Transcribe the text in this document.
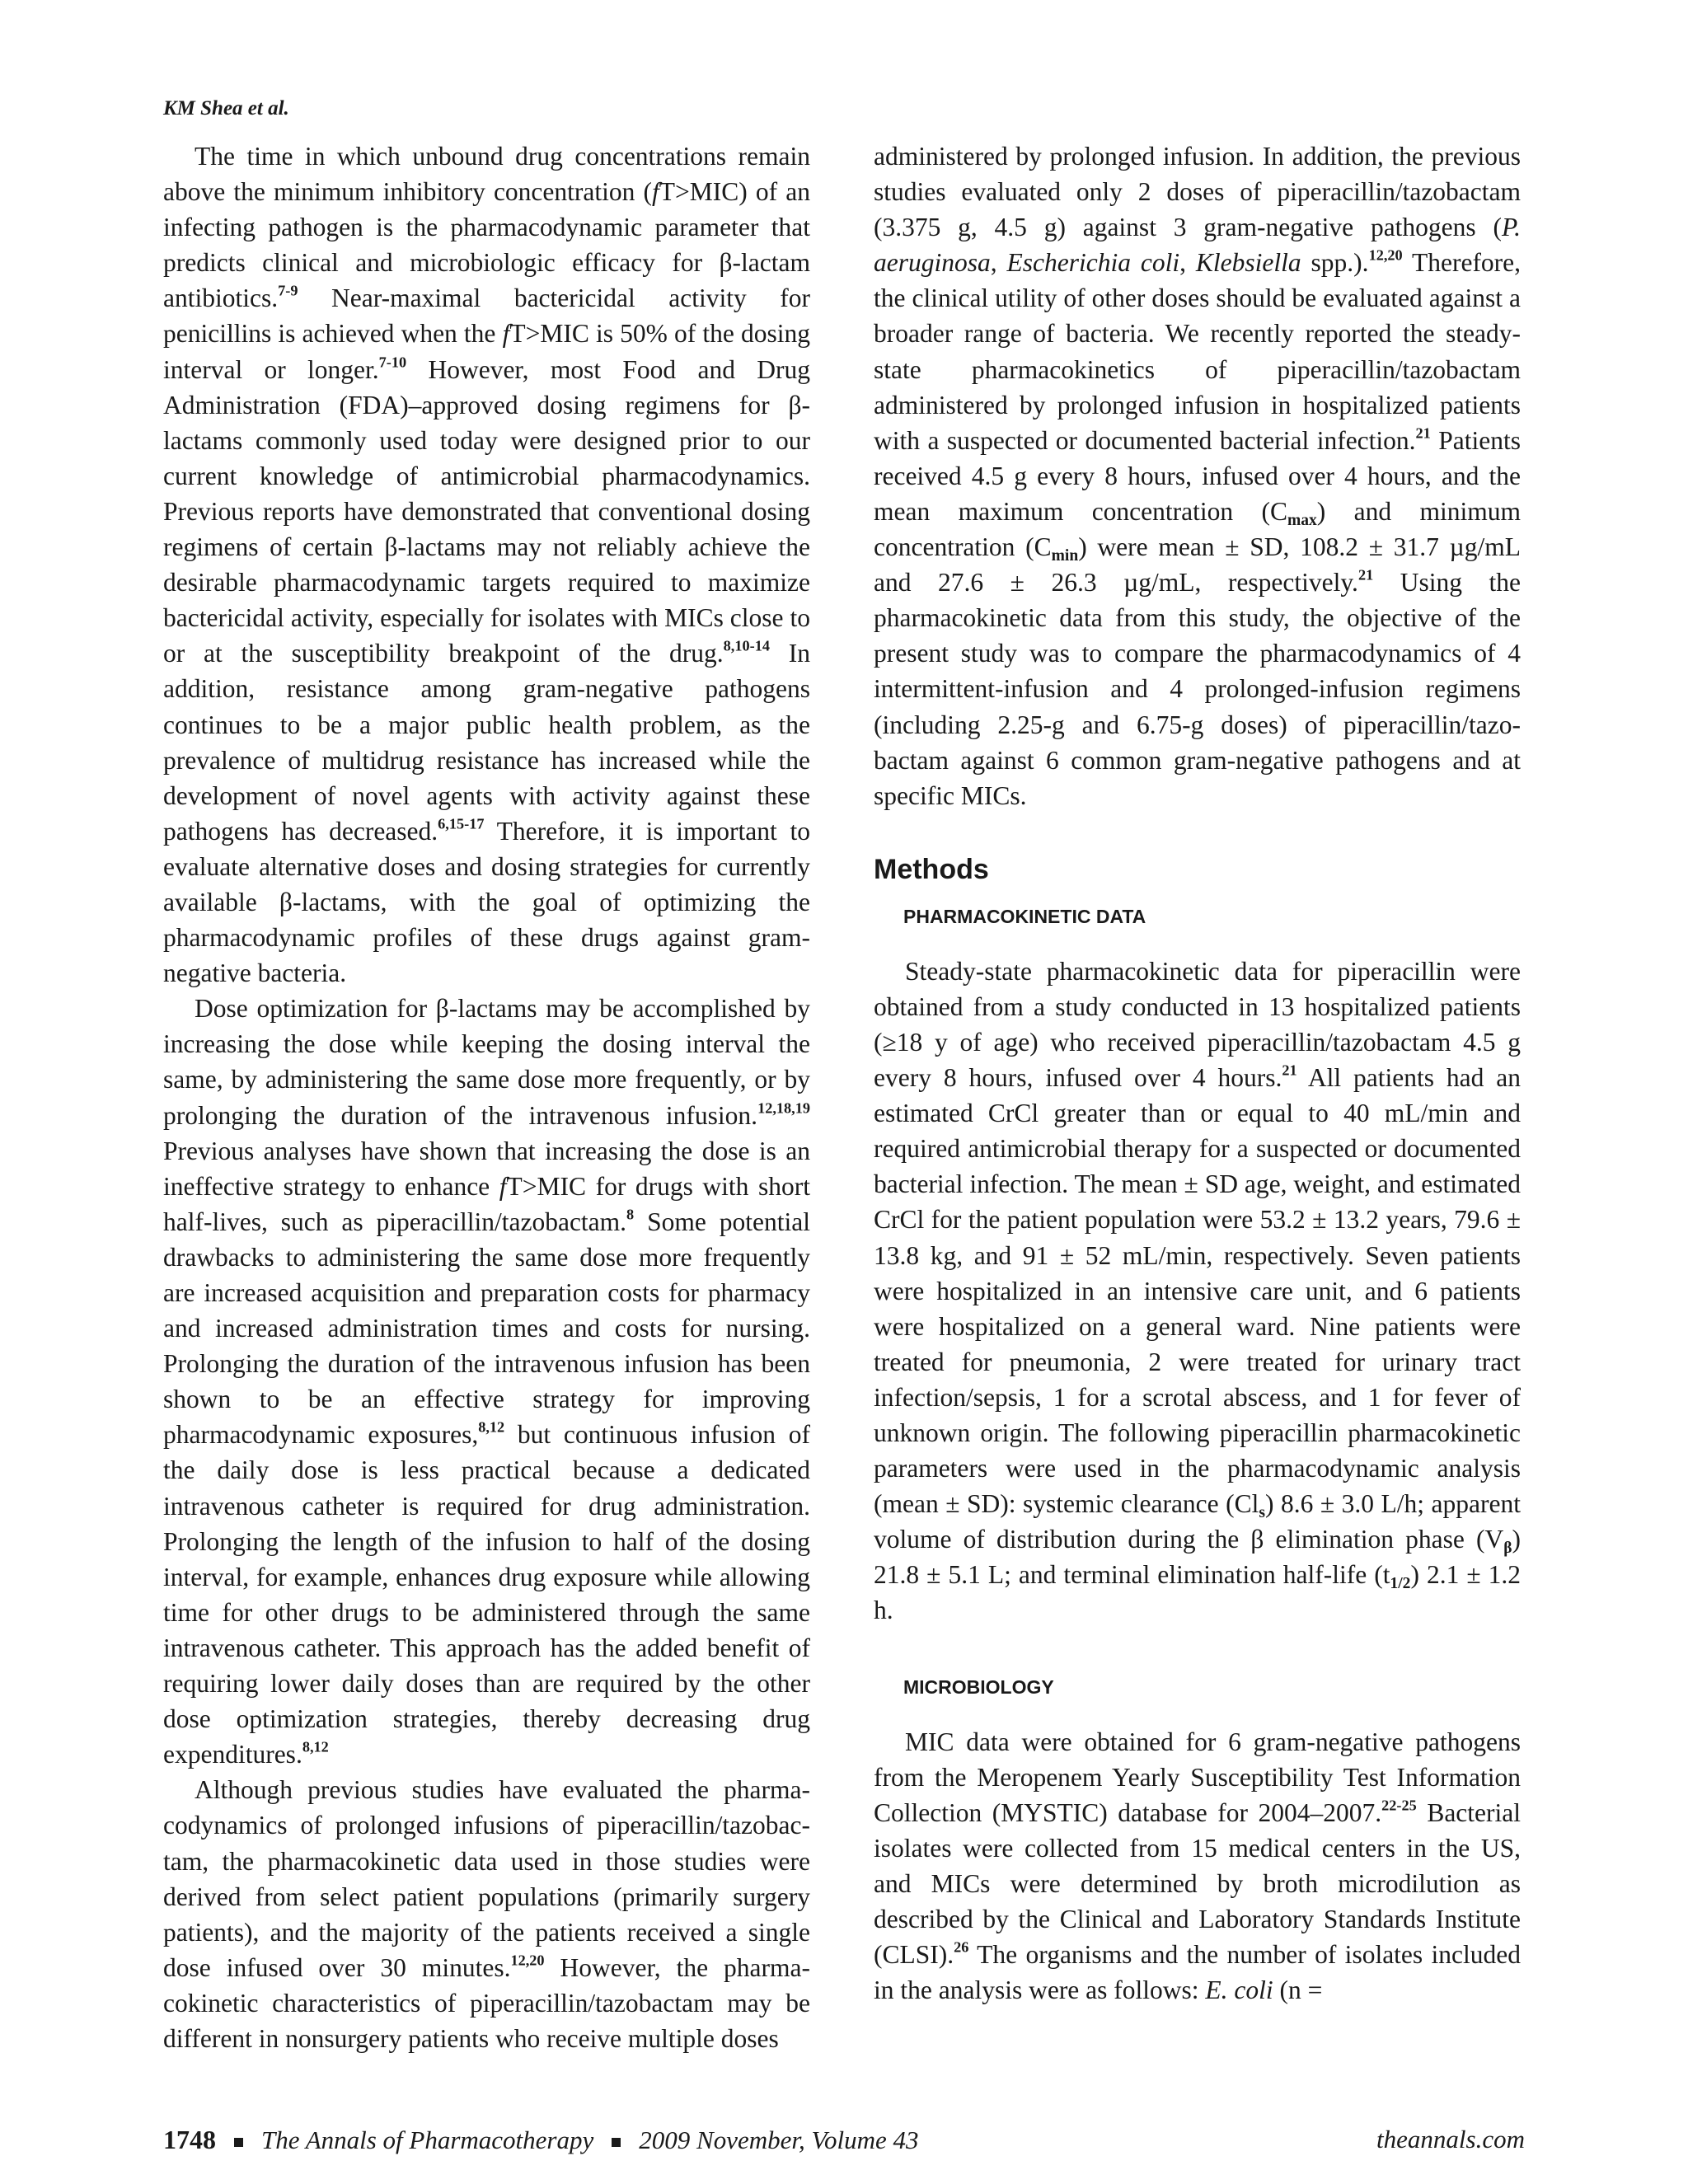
KM Shea et al.

The time in which unbound drug concentrations remain above the minimum inhibitory concentration (fT>MIC) of an infecting pathogen is the pharmacodynamic parameter that predicts clinical and microbiologic efficacy for β-lactam antibiotics.$^{7-9}$ Near-maximal bactericidal activity for penicillins is achieved when the fT>MIC is 50% of the dosing interval or longer.$^{7-10}$ However, most Food and Drug Administration (FDA)–approved dosing regimens for β-lactams commonly used today were designed prior to our current knowledge of antimicrobial pharmacodynamics. Previous reports have demonstrated that conventional dosing regimens of certain β-lactams may not reliably achieve the desirable pharmacodynamic targets required to maximize bactericidal activity, especially for isolates with MICs close to or at the susceptibility breakpoint of the drug.$^{8,10-14}$ In addition, resistance among gram-negative pathogens continues to be a major public health problem, as the prevalence of multidrug resistance has increased while the development of novel agents with activity against these pathogens has decreased.$^{6,15-17}$ Therefore, it is important to evaluate alternative doses and dosing strategies for currently available β-lactams, with the goal of optimizing the pharmacodynamic profiles of these drugs against gram-negative bacteria.

Dose optimization for β-lactams may be accomplished by increasing the dose while keeping the dosing interval the same, by administering the same dose more frequently, or by prolonging the duration of the intravenous infusion.$^{12,18,19}$ Previous analyses have shown that increasing the dose is an ineffective strategy to enhance fT>MIC for drugs with short half-lives, such as piperacillin/tazobactam.$^8$ Some potential drawbacks to administering the same dose more frequently are increased acquisition and preparation costs for pharmacy and increased administration times and costs for nursing. Prolonging the duration of the intravenous infusion has been shown to be an effective strategy for improving pharmacodynamic exposures,$^{8,12}$ but continuous infusion of the daily dose is less practical because a dedicated intravenous catheter is required for drug administration. Prolonging the length of the infusion to half of the dosing interval, for example, enhances drug exposure while allowing time for other drugs to be administered through the same intravenous catheter. This approach has the added benefit of requiring lower daily doses than are required by the other dose optimization strategies, thereby decreasing drug expenditures.$^{8,12}$

Although previous studies have evaluated the pharmacodynamics of prolonged infusions of piperacillin/tazobactam, the pharmacokinetic data used in those studies were derived from select patient populations (primarily surgery patients), and the majority of the patients received a single dose infused over 30 minutes.$^{12,20}$ However, the pharmacokinetic characteristics of piperacillin/tazobactam may be different in nonsurgery patients who receive multiple doses

administered by prolonged infusion. In addition, the previous studies evaluated only 2 doses of piperacillin/tazobactam (3.375 g, 4.5 g) against 3 gram-negative pathogens (P. aeruginosa, Escherichia coli, Klebsiella spp.).$^{12,20}$ Therefore, the clinical utility of other doses should be evaluated against a broader range of bacteria. We recently reported the steady-state pharmacokinetics of piperacillin/tazobactam administered by prolonged infusion in hospitalized patients with a suspected or documented bacterial infection.$^{21}$ Patients received 4.5 g every 8 hours, infused over 4 hours, and the mean maximum concentration $(C_{max})$ and minimum concentration $(C_{min})$ were mean ± SD, 108.2 ± 31.7 µg/mL and 27.6 ± 26.3 µg/mL, respectively.$^{21}$ Using the pharmacokinetic data from this study, the objective of the present study was to compare the pharmacodynamics of 4 intermittent-infusion and 4 prolonged-infusion regimens (including 2.25-g and 6.75-g doses) of piperacillin/tazobactam against 6 common gram-negative pathogens and at specific MICs.

Methods
PHARMACOKINETIC DATA

Steady-state pharmacokinetic data for piperacillin were obtained from a study conducted in 13 hospitalized patients (≥18 y of age) who received piperacillin/tazobactam 4.5 g every 8 hours, infused over 4 hours.$^{21}$ All patients had an estimated CrCl greater than or equal to 40 mL/min and required antimicrobial therapy for a suspected or documented bacterial infection. The mean ± SD age, weight, and estimated CrCl for the patient population were 53.2 ± 13.2 years, 79.6 ± 13.8 kg, and 91 ± 52 mL/min, respectively. Seven patients were hospitalized in an intensive care unit, and 6 patients were hospitalized on a general ward. Nine patients were treated for pneumonia, 2 were treated for urinary tract infection/sepsis, 1 for a scrotal abscess, and 1 for fever of unknown origin. The following piperacillin pharmacokinetic parameters were used in the pharmacodynamic analysis (mean ± SD): systemic clearance $(Cl_s) 8.6 \pm 3.0$ L/h; apparent volume of distribution during the β elimination phase $(V_\beta) 21.8 \pm 5.1$ L; and terminal elimination half-life $(t_{1/2}) 2.1 \pm 1.2$ h.

MICROBIOLOGY

MIC data were obtained for 6 gram-negative pathogens from the Meropenem Yearly Susceptibility Test Information Collection (MYSTIC) database for 2004–2007.$^{22-25}$ Bacterial isolates were collected from 15 medical centers in the US, and MICs were determined by broth microdilution as described by the Clinical and Laboratory Standards Institute (CLSI).$^{26}$ The organisms and the number of isolates included in the analysis were as follows: E. coli (n =

1748 The Annals of Pharmacotherapy 2009 November, Volume 43	theannals.com
